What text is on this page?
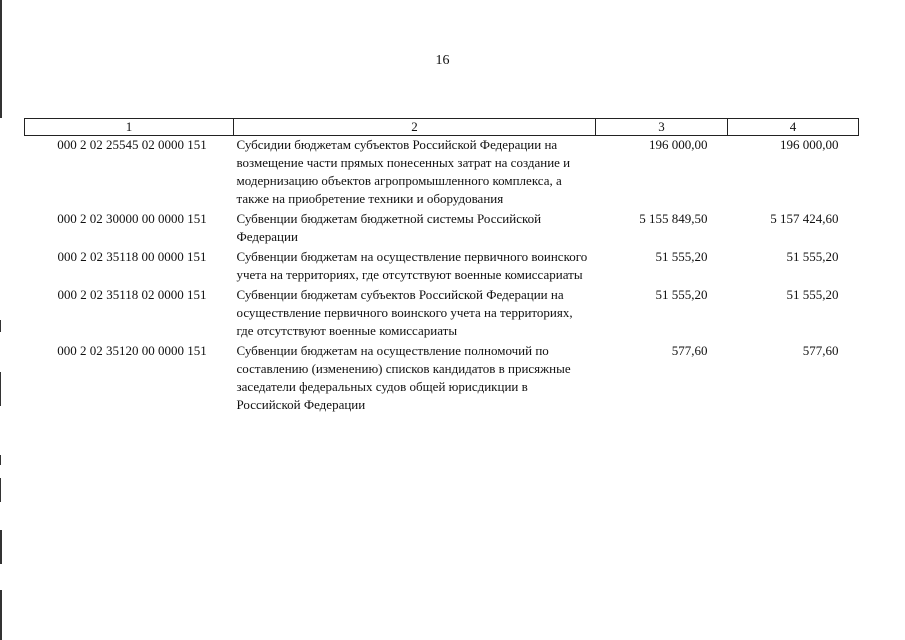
16
1	2	3	4
000 2 02 25545 02 0000 151	Субсидии бюджетам субъектов Российской Федерации на возмещение части прямых понесенных затрат на создание и модернизацию объектов агропромышленного комплекса, а также на приобретение техники и оборудования	196 000,00	196 000,00
000 2 02 30000 00 0000 151	Субвенции бюджетам бюджетной системы Российской Федерации	5 155 849,50	5 157 424,60
000 2 02 35118 00 0000 151	Субвенции бюджетам на осуществление первичного воинского учета на территориях, где отсутствуют военные комиссариаты	51 555,20	51 555,20
000 2 02 35118 02 0000 151	Субвенции бюджетам субъектов Российской Федерации на осуществление первичного воинского учета на территориях, где отсутствуют военные комиссариаты	51 555,20	51 555,20
000 2 02 35120 00 0000 151	Субвенции бюджетам на осуществление полномочий по составлению (изменению) списков кандидатов в присяжные заседатели федеральных судов общей юрисдикции в Российской Федерации	577,60	577,60
